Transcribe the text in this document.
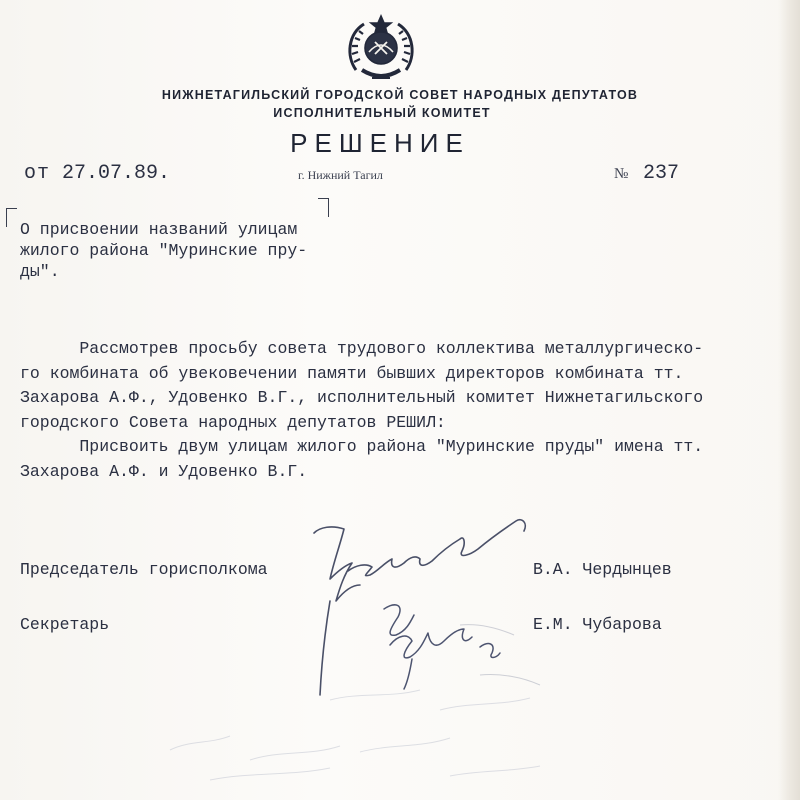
НИЖНЕТАГИЛЬСКИЙ ГОРОДСКОЙ СОВЕТ НАРОДНЫХ ДЕПУТАТОВ
ИСПОЛНИТЕЛЬНЫЙ КОМИТЕТ
РЕШЕНИЕ
от 27.07.89.	г. Нижний Тагил	№ 237
О присвоении названий улицам
жилого района "Муринские пру-
ды".
Рассмотрев просьбу совета трудового коллектива металлургическо-
го комбината об увековечении памяти бывших директоров комбината тт.
Захарова А.Ф., Удовенко В.Г., исполнительный комитет Нижнетагильского
городского Совета народных депутатов РЕШИЛ:
Присвоить двум улицам жилого района "Муринские пруды" имена тт.
Захарова А.Ф. и Удовенко В.Г.
Председатель горисполкома	В.А. Чердынцев
Секретарь	Е.М. Чубарова
